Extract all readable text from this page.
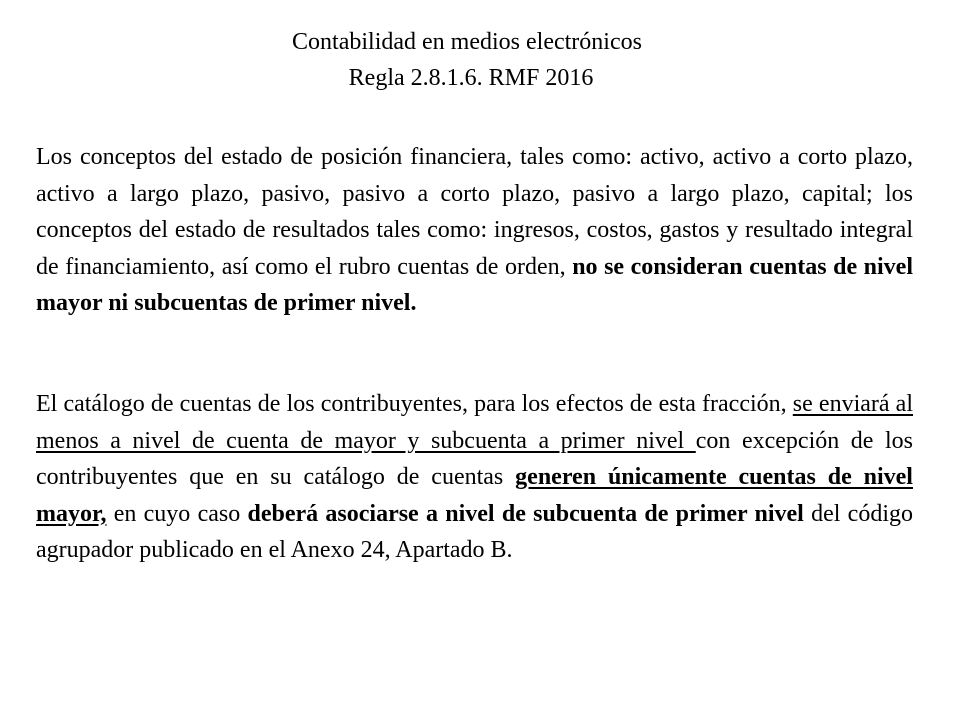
Contabilidad en medios electrónicos
Regla 2.8.1.6. RMF 2016

Los conceptos del estado de posición financiera, tales como: activo, activo a corto plazo, activo a largo plazo, pasivo, pasivo a corto plazo, pasivo a largo plazo, capital; los conceptos del estado de resultados tales como: ingresos, costos, gastos y resultado integral de financiamiento, así como el rubro cuentas de orden, no se consideran cuentas de nivel mayor ni subcuentas de primer nivel.

El catálogo de cuentas de los contribuyentes, para los efectos de esta fracción, se enviará al menos a nivel de cuenta de mayor y subcuenta a primer nivel con excepción de los contribuyentes que en su catálogo de cuentas generen únicamente cuentas de nivel mayor, en cuyo caso deberá asociarse a nivel de subcuenta de primer nivel del código agrupador publicado en el Anexo 24, Apartado B.
